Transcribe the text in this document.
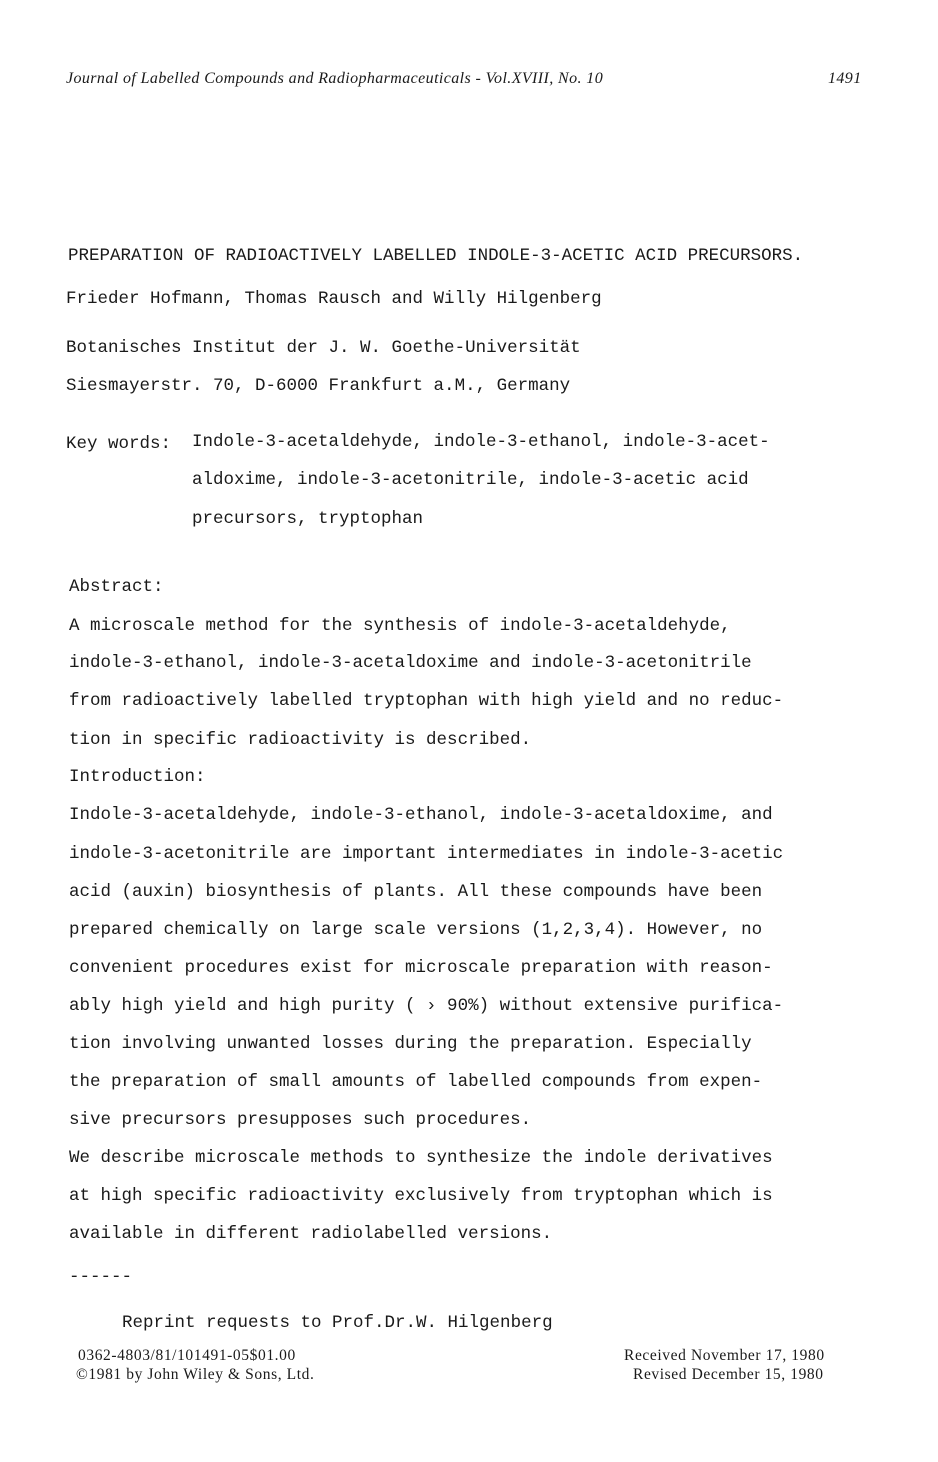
Journal of Labelled Compounds and Radiopharmaceuticals - Vol.XVIII, No. 10	1491
PREPARATION OF RADIOACTIVELY LABELLED INDOLE-3-ACETIC ACID PRECURSORS.
Frieder Hofmann, Thomas Rausch and Willy Hilgenberg
Botanisches Institut der J. W. Goethe-Universität
Siesmayerstr. 70, D-6000 Frankfurt a.M., Germany
Key words: Indole-3-acetaldehyde, indole-3-ethanol, indole-3-acet-
aldoxime, indole-3-acetonitrile, indole-3-acetic acid
precursors, tryptophan
Abstract:
A microscale method for the synthesis of indole-3-acetaldehyde,
indole-3-ethanol, indole-3-acetaldoxime and indole-3-acetonitrile
from radioactively labelled tryptophan with high yield and no reduc-
tion in specific radioactivity is described.
Introduction:
Indole-3-acetaldehyde, indole-3-ethanol, indole-3-acetaldoxime, and
indole-3-acetonitrile are important intermediates in indole-3-acetic
acid (auxin) biosynthesis of plants. All these compounds have been
prepared chemically on large scale versions (1,2,3,4). However, no
convenient procedures exist for microscale preparation with reason-
ably high yield and high purity ( › 90%) without extensive purifica-
tion involving unwanted losses during the preparation. Especially
the preparation of small amounts of labelled compounds from expen-
sive precursors presupposes such procedures.
We describe microscale methods to synthesize the indole derivatives
at high specific radioactivity exclusively from tryptophan which is
available in different radiolabelled versions.
------
Reprint requests to Prof.Dr.W. Hilgenberg
0362-4803/81/101491-05$01.00
©1981 by John Wiley & Sons, Ltd.
Received November 17, 1980
Revised December 15, 1980
